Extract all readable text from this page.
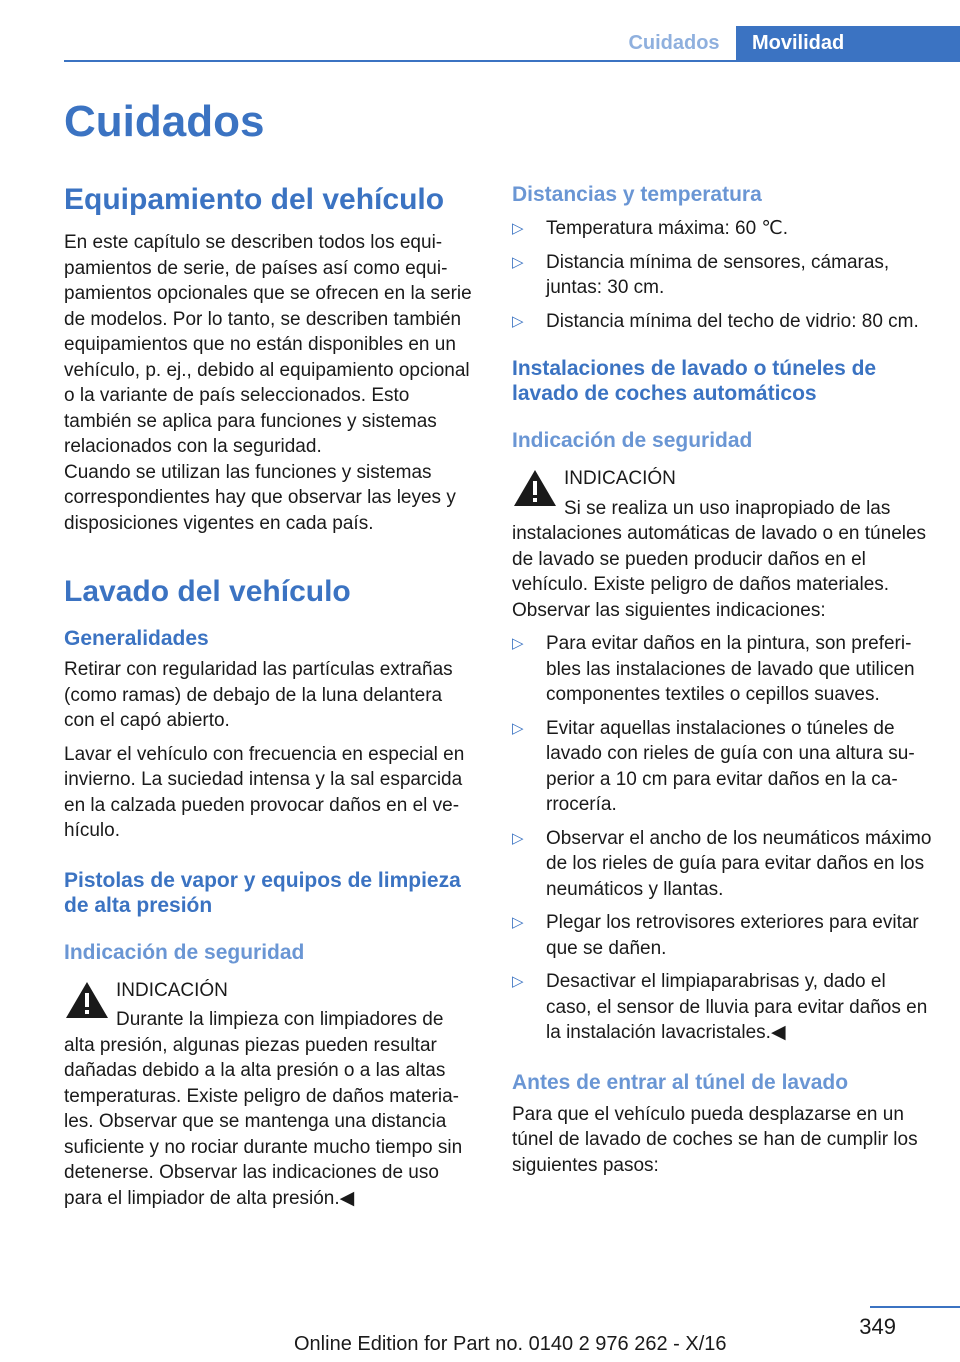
Cuidados	Movilidad
Cuidados
Equipamiento del vehículo

En este capítulo se describen todos los equipamientos de serie, de países así como equipamientos opcionales que se ofrecen en la serie de modelos. Por lo tanto, se describen también equipamientos que no están disponibles en un vehículo, p. ej., debido al equipamiento opcional o la variante de país seleccionados. Esto también se aplica para funciones y sistemas relacionados con la seguridad.

Cuando se utilizan las funciones y sistemas correspondientes hay que observar las leyes y disposiciones vigentes en cada país.

Lavado del vehículo
Generalidades

Retirar con regularidad las partículas extrañas (como ramas) de debajo de la luna delantera con el capó abierto.

Lavar el vehículo con frecuencia en especial en invierno. La suciedad intensa y la sal esparcida en la calzada pueden provocar daños en el vehículo.

Pistolas de vapor y equipos de limpieza de alta presión
Indicación de seguridad
INDICACIÓN

Durante la limpieza con limpiadores de alta presión, algunas piezas pueden resultar dañadas debido a la alta presión o a las altas temperaturas. Existe peligro de daños materiales. Observar que se mantenga una distancia suficiente y no rociar durante mucho tiempo sin detenerse. Observar las indicaciones de uso para el limpiador de alta presión.◀

Distancias y temperatura
▷ Temperatura máxima: 60 ℃.
▷ Distancia mínima de sensores, cámaras, juntas: 30 cm.
▷ Distancia mínima del techo de vidrio: 80 cm.
Instalaciones de lavado o túneles de lavado de coches automáticos
Indicación de seguridad
INDICACIÓN

Si se realiza un uso inapropiado de las instalaciones automáticas de lavado o en túneles de lavado se pueden producir daños en el vehículo. Existe peligro de daños materiales. Observar las siguientes indicaciones:

▷ Para evitar daños en la pintura, son preferibles las instalaciones de lavado que utilicen componentes textiles o cepillos suaves.
▷ Evitar aquellas instalaciones o túneles de lavado con rieles de guía con una altura superior a 10 cm para evitar daños en la carrocería.
▷ Observar el ancho de los neumáticos máximo de los rieles de guía para evitar daños en los neumáticos y llantas.
▷ Plegar los retrovisores exteriores para evitar que se dañen.
▷ Desactivar el limpiaparabrisas y, dado el caso, el sensor de lluvia para evitar daños en la instalación lavacristales.◀
Antes de entrar al túnel de lavado

Para que el vehículo pueda desplazarse en un túnel de lavado de coches se han de cumplir los siguientes pasos:

349
Online Edition for Part no. 0140 2 976 262 - X/16
